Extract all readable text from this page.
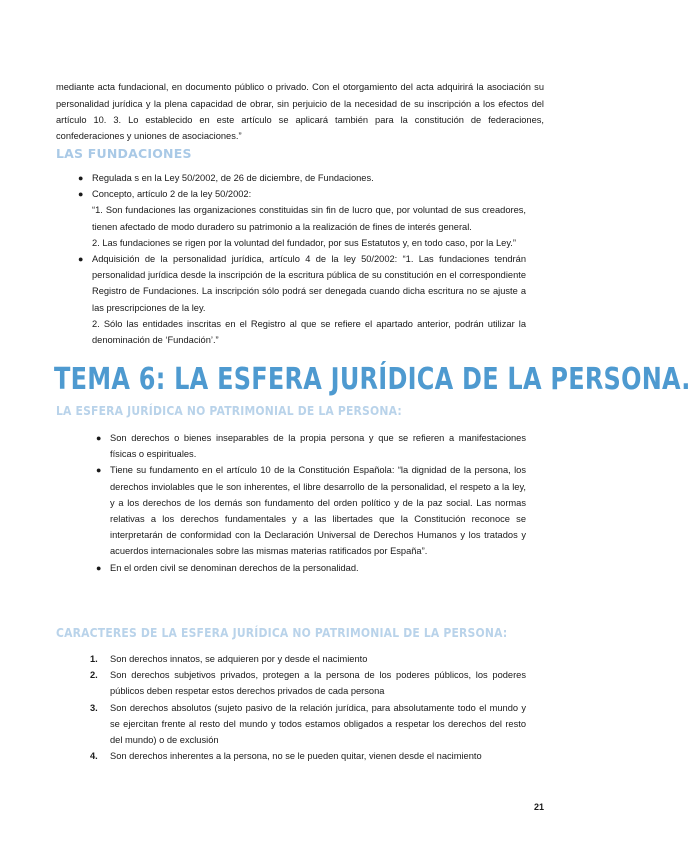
mediante acta fundacional, en documento público o privado. Con el otorgamiento del acta adquirirá la asociación su personalidad jurídica y la plena capacidad de obrar, sin perjuicio de la necesidad de su inscripción a los efectos del artículo 10. 3. Lo establecido en este artículo se aplicará también para la constitución de federaciones, confederaciones y uniones de asociaciones.”

LAS FUNDACIONES
● Regulada s en la Ley 50/2002, de 26 de diciembre, de Fundaciones.
● Concepto, artículo 2 de la ley 50/2002:
“1. Son fundaciones las organizaciones constituidas sin fin de lucro que, por voluntad de sus creadores, tienen afectado de modo duradero su patrimonio a la realización de fines de interés general.
2. Las fundaciones se rigen por la voluntad del fundador, por sus Estatutos y, en todo caso, por la Ley.”
● Adquisición de la personalidad jurídica, artículo 4 de la ley 50/2002: “1. Las fundaciones tendrán personalidad jurídica desde la inscripción de la escritura pública de su constitución en el correspondiente Registro de Fundaciones. La inscripción sólo podrá ser denegada cuando dicha escritura no se ajuste a las prescripciones de la ley.
2. Sólo las entidades inscritas en el Registro al que se refiere el apartado anterior, podrán utilizar la denominación de ‘Fundación’.”
TEMA 6: LA ESFERA JURÍDICA DE LA PERSONA.
LA ESFERA JURÍDICA NO PATRIMONIAL DE LA PERSONA:
● Son derechos o bienes inseparables de la propia persona y que se refieren a manifestaciones físicas o espirituales.
● Tiene su fundamento en el artículo 10 de la Constitución Española: “la dignidad de la persona, los derechos inviolables que le son inherentes, el libre desarrollo de la personalidad, el respeto a la ley, y a los derechos de los demás son fundamento del orden político y de la paz social. Las normas relativas a los derechos fundamentales y a las libertades que la Constitución reconoce se interpretarán de conformidad con la Declaración Universal de Derechos Humanos y los tratados y acuerdos internacionales sobre las mismas materias ratificados por España”.
● En el orden civil se denominan derechos de la personalidad.
CARACTERES DE LA ESFERA JURÍDICA NO PATRIMONIAL DE LA PERSONA:
1. Son derechos innatos, se adquieren por y desde el nacimiento
2. Son derechos subjetivos privados, protegen a la persona de los poderes públicos, los poderes públicos deben respetar estos derechos privados de cada persona
3. Son derechos absolutos (sujeto pasivo de la relación jurídica, para absolutamente todo el mundo y se ejercitan frente al resto del mundo y todos estamos obligados a respetar los derechos del resto del mundo) o de exclusión
4. Son derechos inherentes a la persona, no se le pueden quitar, vienen desde el nacimiento
21
